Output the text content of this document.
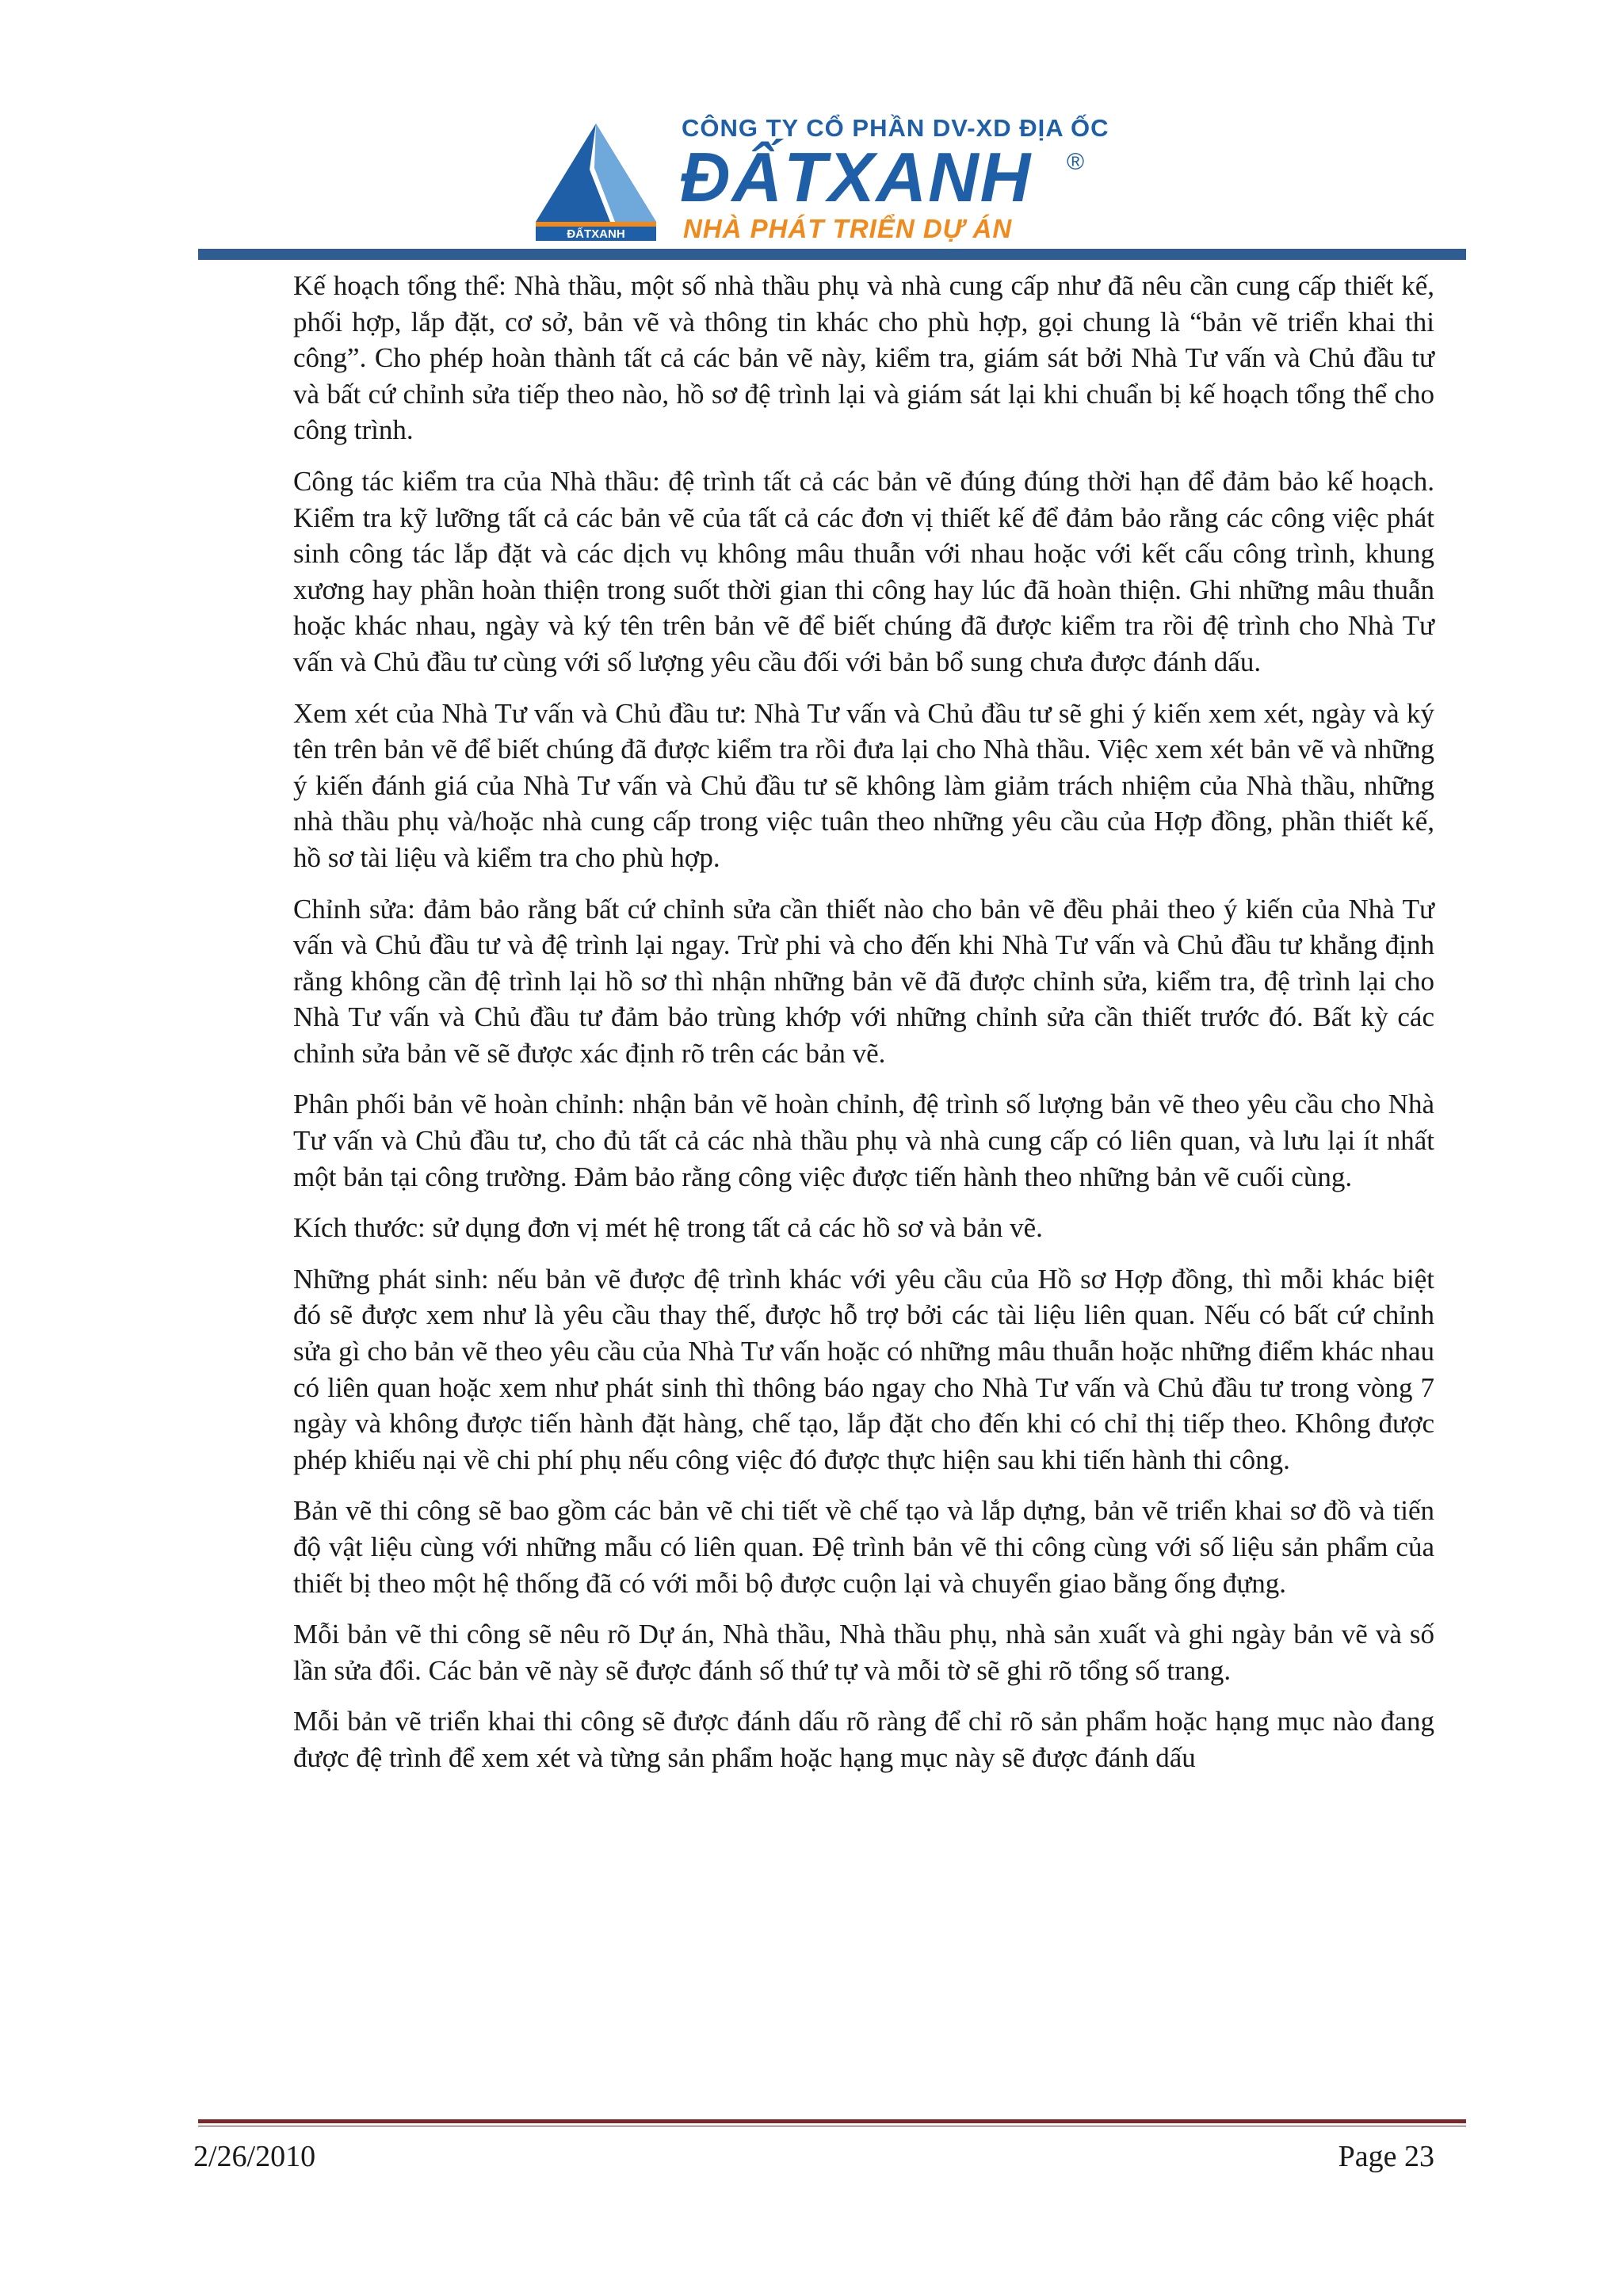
ĐẤTXANH
CÔNG TY CỔ PHẦN DV-XD ĐỊA ỐC
ĐẤTXANH ®
NHÀ PHÁT TRIỂN DỰ ÁN

Kế hoạch tổng thể: Nhà thầu, một số nhà thầu phụ và nhà cung cấp như đã nêu cần cung cấp thiết kế, phối hợp, lắp đặt, cơ sở, bản vẽ và thông tin khác cho phù hợp, gọi chung là “bản vẽ triển khai thi công”. Cho phép hoàn thành tất cả các bản vẽ này, kiểm tra, giám sát bởi Nhà Tư vấn và Chủ đầu tư và bất cứ chỉnh sửa tiếp theo nào, hồ sơ đệ trình lại và giám sát lại khi chuẩn bị kế hoạch tổng thể cho công trình.

Công tác kiểm tra của Nhà thầu: đệ trình tất cả các bản vẽ đúng đúng thời hạn để đảm bảo kế hoạch. Kiểm tra kỹ lưỡng tất cả các bản vẽ của tất cả các đơn vị thiết kế để đảm bảo rằng các công việc phát sinh công tác lắp đặt và các dịch vụ không mâu thuẫn với nhau hoặc với kết cấu công trình, khung xương hay phần hoàn thiện trong suốt thời gian thi công hay lúc đã hoàn thiện. Ghi những mâu thuẫn hoặc khác nhau, ngày và ký tên trên bản vẽ để biết chúng đã được kiểm tra rồi đệ trình cho Nhà Tư vấn và Chủ đầu tư cùng với số lượng yêu cầu đối với bản bổ sung chưa được đánh dấu.

Xem xét của Nhà Tư vấn và Chủ đầu tư: Nhà Tư vấn và Chủ đầu tư sẽ ghi ý kiến xem xét, ngày và ký tên trên bản vẽ để biết chúng đã được kiểm tra rồi đưa lại cho Nhà thầu. Việc xem xét bản vẽ và những ý kiến đánh giá của Nhà Tư vấn và Chủ đầu tư sẽ không làm giảm trách nhiệm của Nhà thầu, những nhà thầu phụ và/hoặc nhà cung cấp trong việc tuân theo những yêu cầu của Hợp đồng, phần thiết kế, hồ sơ tài liệu và kiểm tra cho phù hợp.

Chỉnh sửa: đảm bảo rằng bất cứ chỉnh sửa cần thiết nào cho bản vẽ đều phải theo ý kiến của Nhà Tư vấn và Chủ đầu tư và đệ trình lại ngay. Trừ phi và cho đến khi Nhà Tư vấn và Chủ đầu tư khẳng định rằng không cần đệ trình lại hồ sơ thì nhận những bản vẽ đã được chỉnh sửa, kiểm tra, đệ trình lại cho Nhà Tư vấn và Chủ đầu tư đảm bảo trùng khớp với những chỉnh sửa cần thiết trước đó. Bất kỳ các chỉnh sửa bản vẽ sẽ được xác định rõ trên các bản vẽ.

Phân phối bản vẽ hoàn chỉnh: nhận bản vẽ hoàn chỉnh, đệ trình số lượng bản vẽ theo yêu cầu cho Nhà Tư vấn và Chủ đầu tư, cho đủ tất cả các nhà thầu phụ và nhà cung cấp có liên quan, và lưu lại ít nhất một bản tại công trường. Đảm bảo rằng công việc được tiến hành theo những bản vẽ cuối cùng.

Kích thước: sử dụng đơn vị mét hệ trong tất cả các hồ sơ và bản vẽ.

Những phát sinh: nếu bản vẽ được đệ trình khác với yêu cầu của Hồ sơ Hợp đồng, thì mỗi khác biệt đó sẽ được xem như là yêu cầu thay thế, được hỗ trợ bởi các tài liệu liên quan. Nếu có bất cứ chỉnh sửa gì cho bản vẽ theo yêu cầu của Nhà Tư vấn hoặc có những mâu thuẫn hoặc những điểm khác nhau có liên quan hoặc xem như phát sinh thì thông báo ngay cho Nhà Tư vấn và Chủ đầu tư trong vòng 7 ngày và không được tiến hành đặt hàng, chế tạo, lắp đặt cho đến khi có chỉ thị tiếp theo. Không được phép khiếu nại về chi phí phụ nếu công việc đó được thực hiện sau khi tiến hành thi công.

Bản vẽ thi công sẽ bao gồm các bản vẽ chi tiết về chế tạo và lắp dựng, bản vẽ triển khai sơ đồ và tiến độ vật liệu cùng với những mẫu có liên quan. Đệ trình bản vẽ thi công cùng với số liệu sản phẩm của thiết bị theo một hệ thống đã có với mỗi bộ được cuộn lại và chuyển giao bằng ống đựng.

Mỗi bản vẽ thi công sẽ nêu rõ Dự án, Nhà thầu, Nhà thầu phụ, nhà sản xuất và ghi ngày bản vẽ và số lần sửa đổi. Các bản vẽ này sẽ được đánh số thứ tự và mỗi tờ sẽ ghi rõ tổng số trang.

Mỗi bản vẽ triển khai thi công sẽ được đánh dấu rõ ràng để chỉ rõ sản phẩm hoặc hạng mục nào đang được đệ trình để xem xét và từng sản phẩm hoặc hạng mục này sẽ được đánh dấu

2/26/2010	Page 23
